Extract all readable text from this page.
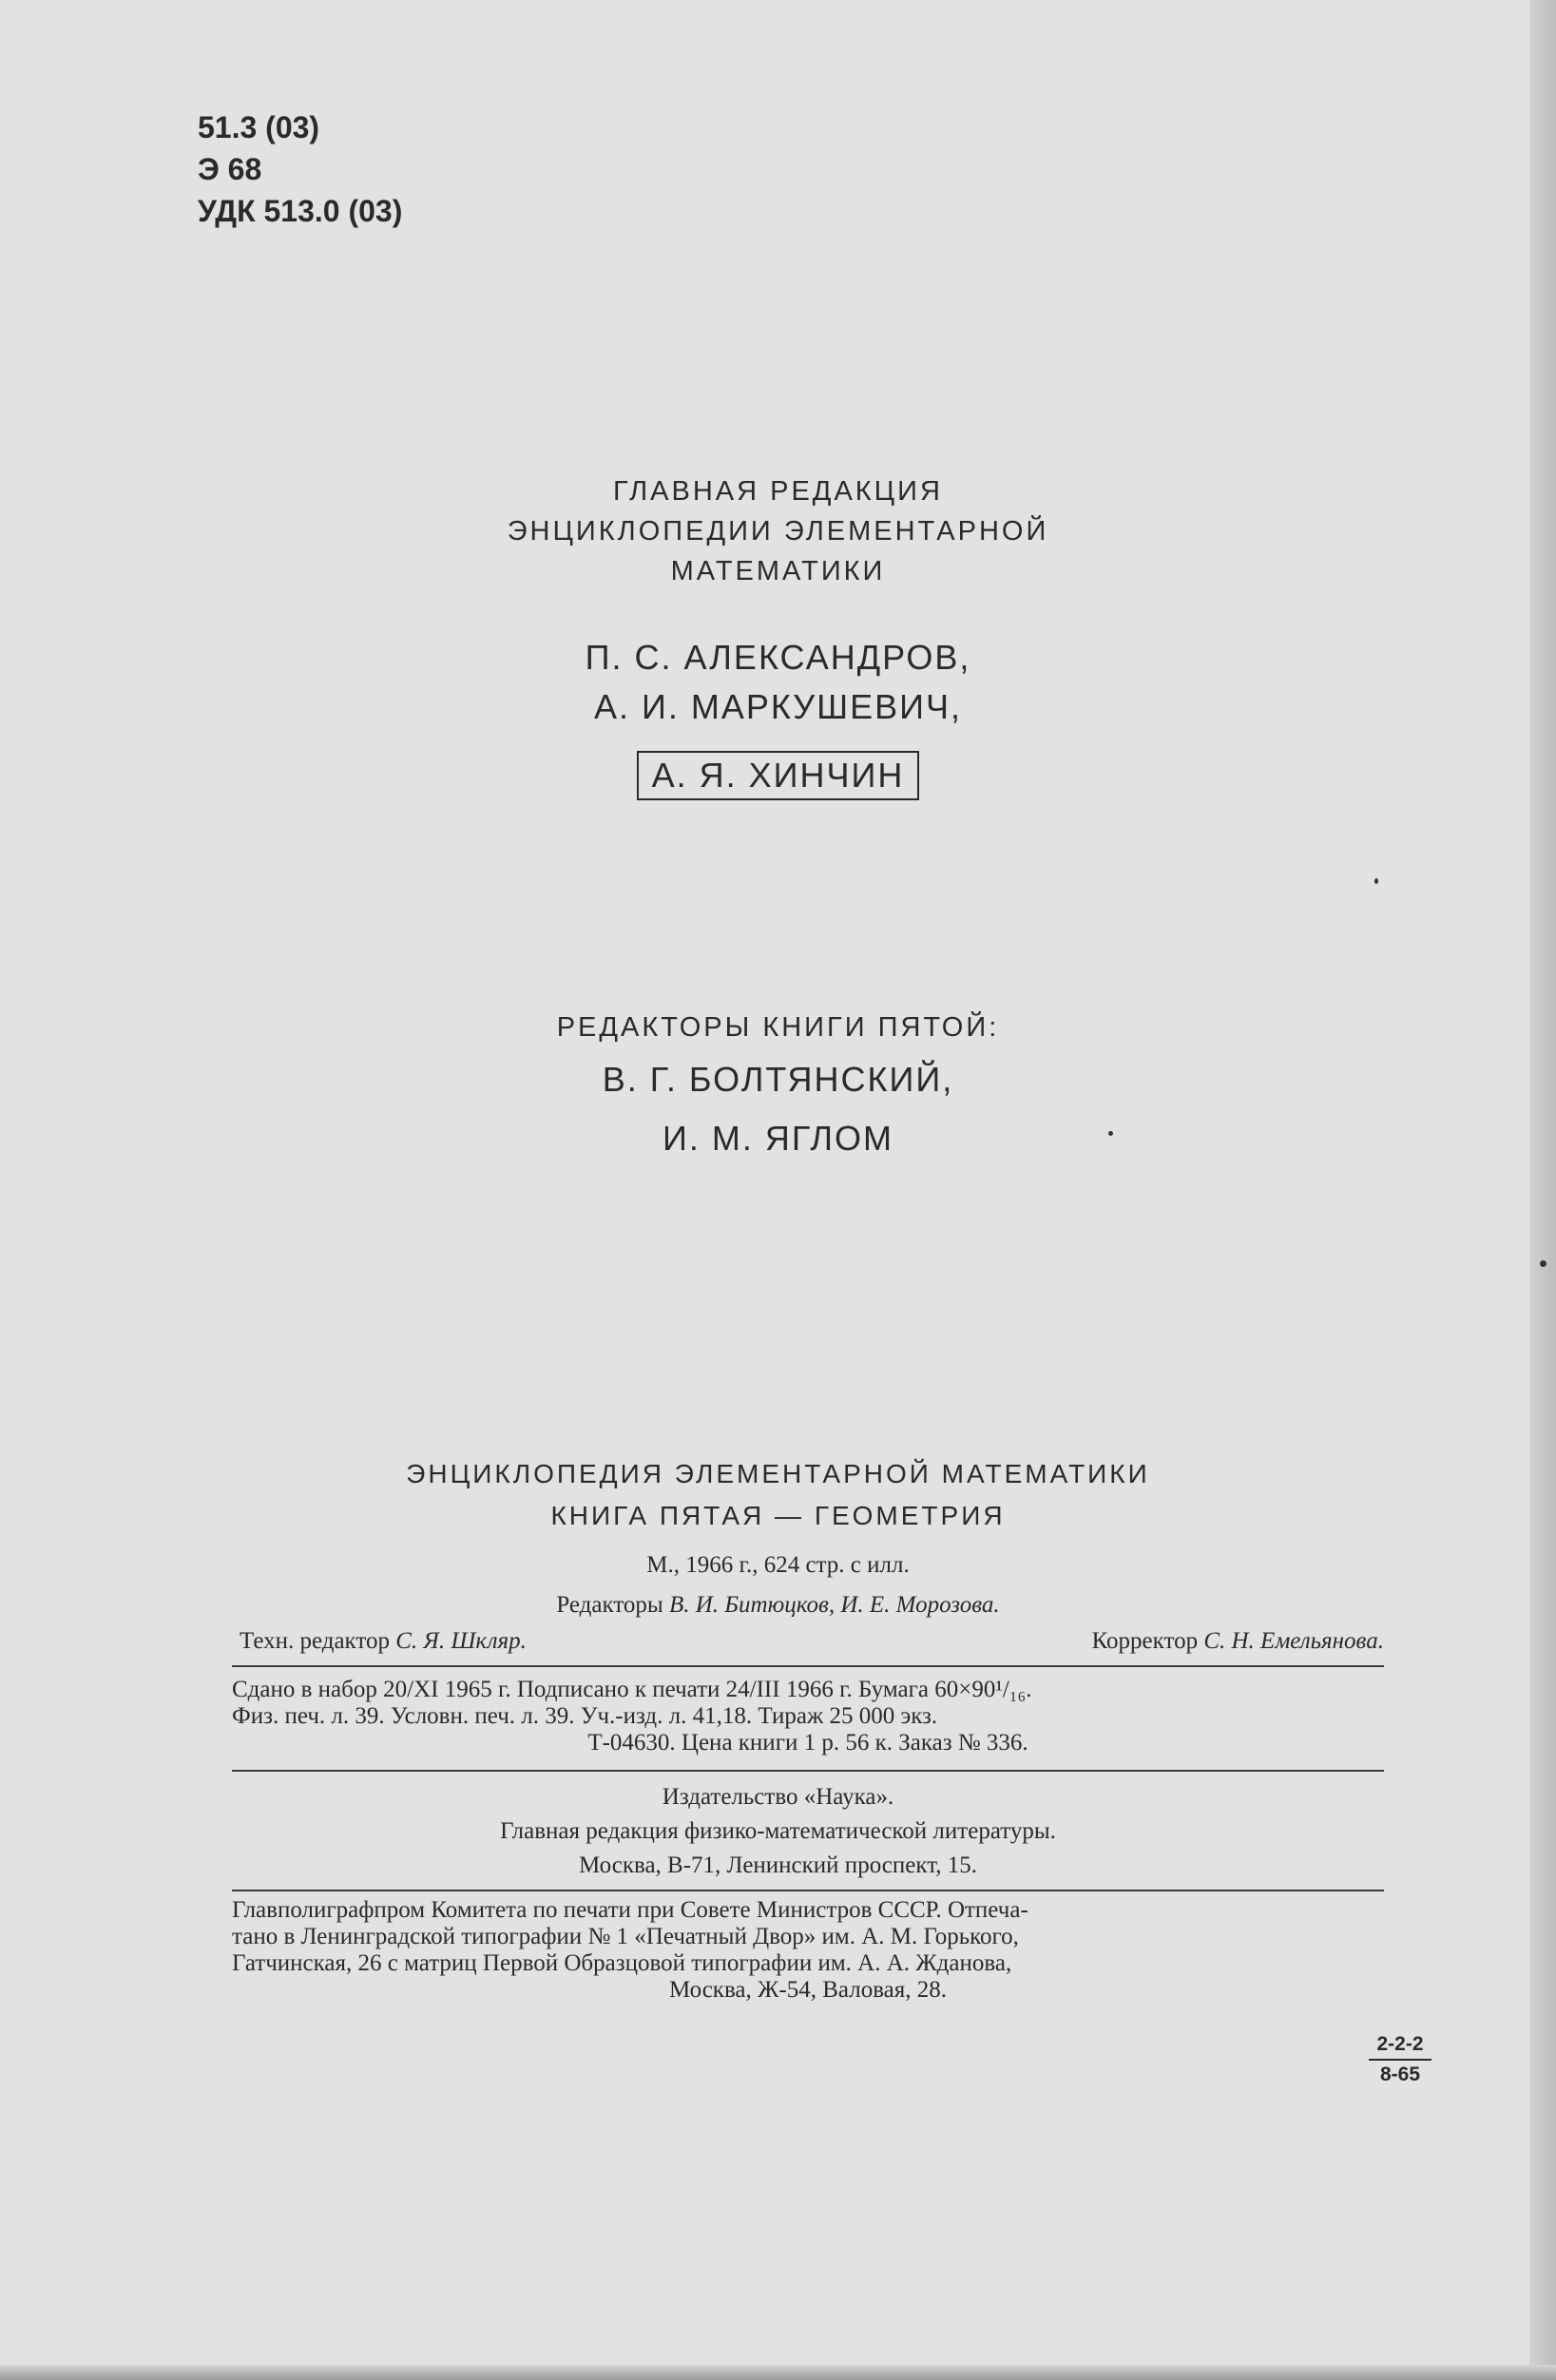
51.3 (03)
Э 68
УДК 513.0 (03)
ГЛАВНАЯ РЕДАКЦИЯ
ЭНЦИКЛОПЕДИИ ЭЛЕМЕНТАРНОЙ
МАТЕМАТИКИ
П. С. АЛЕКСАНДРОВ,
А. И. МАРКУШЕВИЧ,
А. Я. ХИНЧИН
РЕДАКТОРЫ КНИГИ ПЯТОЙ:
В. Г. БОЛТЯНСКИЙ,
И. М. ЯГЛОМ
ЭНЦИКЛОПЕДИЯ ЭЛЕМЕНТАРНОЙ МАТЕМАТИКИ
КНИГА ПЯТАЯ — ГЕОМЕТРИЯ
М., 1966 г., 624 стр. с илл.
Редакторы В. И. Битюцков, И. Е. Морозова.
Техн. редактор С. Я. Шкляр.	Корректор С. Н. Емельянова.
Сдано в набор 20/XI 1965 г. Подписано к печати 24/III 1966 г. Бумага 60×90¹/₁₆.
Физ. печ. л. 39. Условн. печ. л. 39. Уч.-изд. л. 41,18. Тираж 25 000 экз.
Т-04630. Цена книги 1 р. 56 к. Заказ № 336.
Издательство «Наука».
Главная редакция физико-математической литературы.
Москва, В-71, Ленинский проспект, 15.
Главполиграфпром Комитета по печати при Совете Министров СССР. Отпеча-
тано в Ленинградской типографии № 1 «Печатный Двор» им. А. М. Горького,
Гатчинская, 26 с матриц Первой Образцовой типографии им. А. А. Жданова,
Москва, Ж-54, Валовая, 28.
2-2-2
8-65
